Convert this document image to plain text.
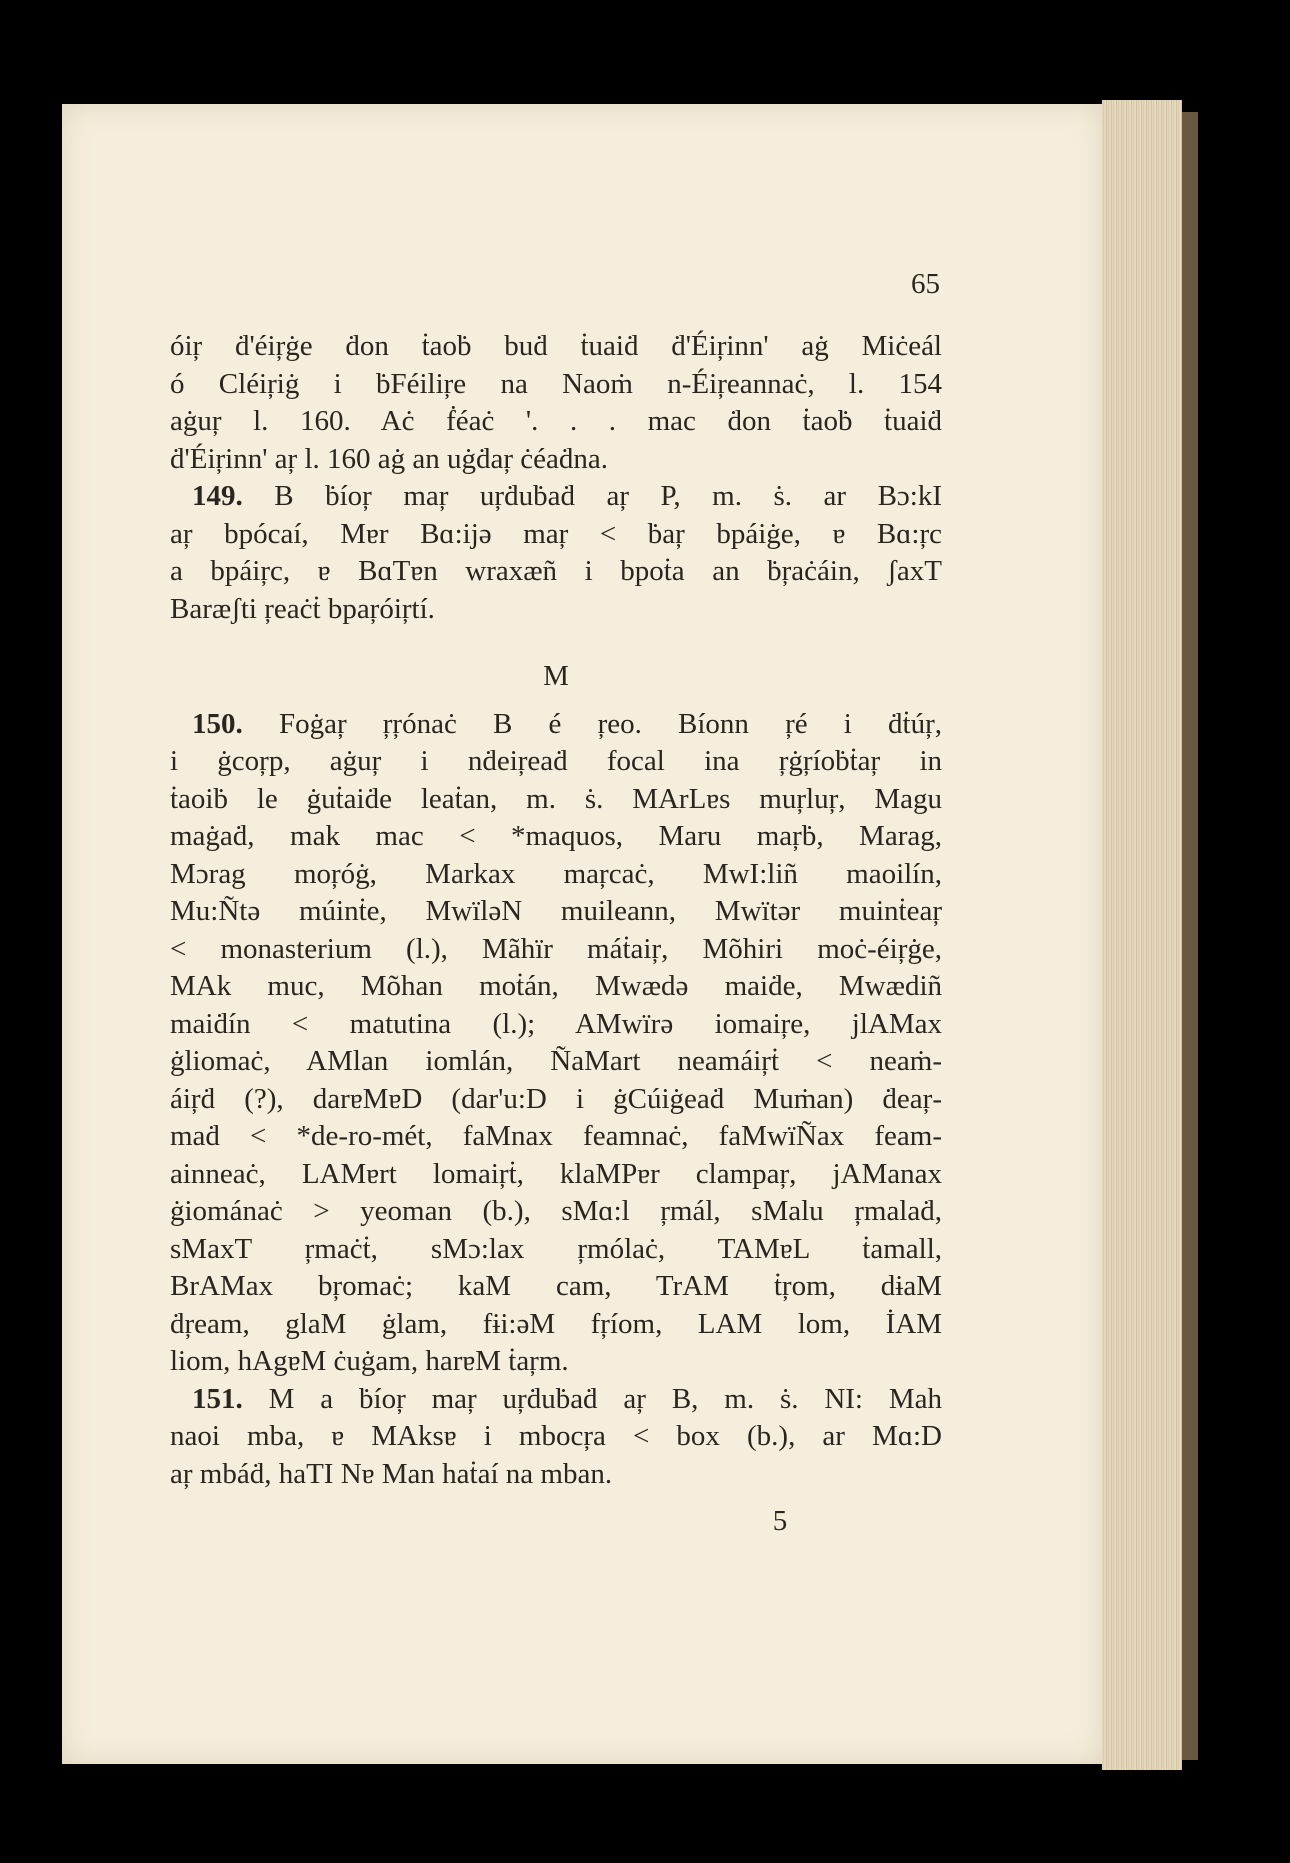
65
óiŗ ḋ'éiŗġe ḋon ṫaoḃ buḋ ṫuaiḋ ḋ'Éiŗinn' aġ Miċeál
ó Cléiŗiġ i ḃFéiliŗe na Naoṁ n-Éiŗeannaċ, l. 154
aġuŗ l. 160. Aċ ḟéaċ '. . . mac ḋon ṫaoḃ ṫuaiḋ
ḋ'Éiŗinn' aŗ l. 160 aġ an uġḋaŗ ċéaḋna.
149. B ḃíoŗ maŗ uŗḋuḃaḋ aŗ P, m. ṡ. ar Bɔ:kI
aŗ bpócaí, Mɐr Bɑ:ijə maŗ < ḃaŗ bpáiġe, ɐ Bɑ:ŗc
a bpáiŗc, ɐ BɑTɐn wraxæñ i bpoṫa an ḃŗaċáin, ʃaxT
Baræʃti ŗeaċṫ bpaŗóiŗtí.
M
150. Foġaŗ ŗŗónaċ B é ŗeo. Bíonn ŗé i ḋṫúŗ,
i ġcoŗp, aġuŗ i nḋeiŗeaḋ focal ina ŗġŗíoḃṫaŗ in
ṫaoiḃ le ġuṫaiḋe leaṫan, m. ṡ. MArLɐs muŗluŗ, Magu
maġaḋ, mak mac < *maquos, Maru maŗḃ, Marag,
Mɔrag moŗóġ, Markax maŗcaċ, MwI:liñ maoilín,
Mu:Ñtə múinṫe, MwïləN muileann, Mwïtər muinṫeaŗ
< monasterium (l.), Mãhïr máṫaiŗ, Mõhiri moċ-éiŗġe,
MAk muc, Mõhan moṫán, Mwædə maiḋe, Mwædiñ
maiḋín < matutina (l.); AMwïrə iomaiŗe, jlAMax
ġliomaċ, AMlan iomlán, ÑaMart neamáiŗṫ < neaṁ-
áiŗḋ (?), darɐMɐD (dar'u:D i ġCúiġeaḋ Muṁan) ḋeaŗ-
maḋ < *de-ro-mét, faMnax feamnaċ, faMwïÑax feam-
ainneaċ, LAMɐrt lomaiŗṫ, klaMPɐr clampaŗ, jAManax
ġiománaċ > yeoman (b.), sMɑ:l ŗmál, sMalu ŗmalaḋ,
sMaxT ŗmaċṫ, sMɔ:lax ŗmólaċ, TAMɐL ṫamall,
BrAMax bŗomaċ; kaM cam, TrAM ṫŗom, dɨaM
ḋŗeam, glaM ġlam, fɨi:əM fŗíom, LAM lom, İAM
liom, hAgɐM ċuġam, harɐM ṫaŗm.
151. M a ḃíoŗ maŗ uŗḋuḃaḋ aŗ B, m. ṡ. NI: Mah
naoi mba, ɐ MAksɐ i mbocŗa < box (b.), ar Mɑ:D
aŗ mbáḋ, haTI Nɐ Man haṫaí na mban.
5
